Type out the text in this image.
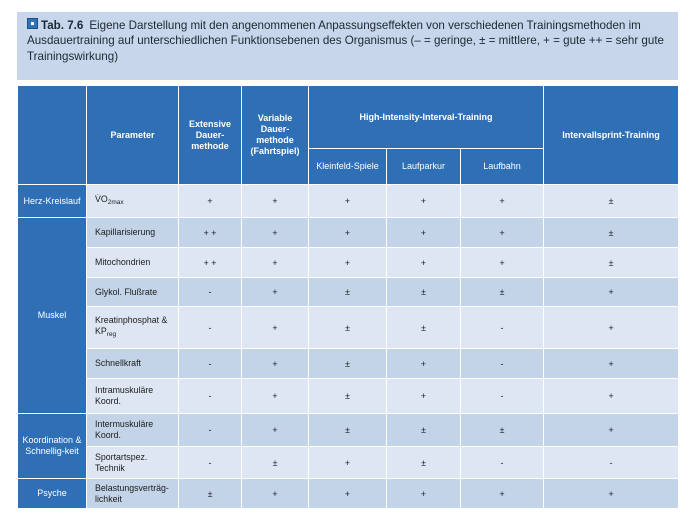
Tab. 7.6 Eigene Darstellung mit den angenommenen Anpassungseffekten von verschiedenen Trainingsmethoden im Ausdauertraining auf unterschiedlichen Funktionsebenen des Organismus (– = geringe, ± = mittlere, + = gute ++ = sehr gute Trainingswirkung)
	Parameter	Extensive Dauer-methode	Variable Dauer-methode (Fahrtspiel)	High-Intensity-Interval-Training			Intervallsprint-Training
				Kleinfeld-Spiele	Laufparkur	Laufbahn	
Herz-Kreislauf	$V̇O_{2max}$	+	+	+	+	+	±
Muskel	Kapillarisierung	+ +	+	+	+	+	±
	Mitochondrien	+ +	+	+	+	+	±
	Glykol. Flußrate	-	+	±	±	±	+
	Kreatinphosphat & $KP_{reg}$	-	+	±	±	-	+
	Schnellkraft	-	+	±	+	-	+
	Intramuskuläre Koord.	-	+	±	+	-	+
Koordination & Schnellig-keit	Intermuskuläre Koord.	-	+	±	±	±	+
	Sportartspez. Technik	-	±	+	±	-	-
Psyche	Belastungsverträg-lichkeit	±	+	+	+	+	+
